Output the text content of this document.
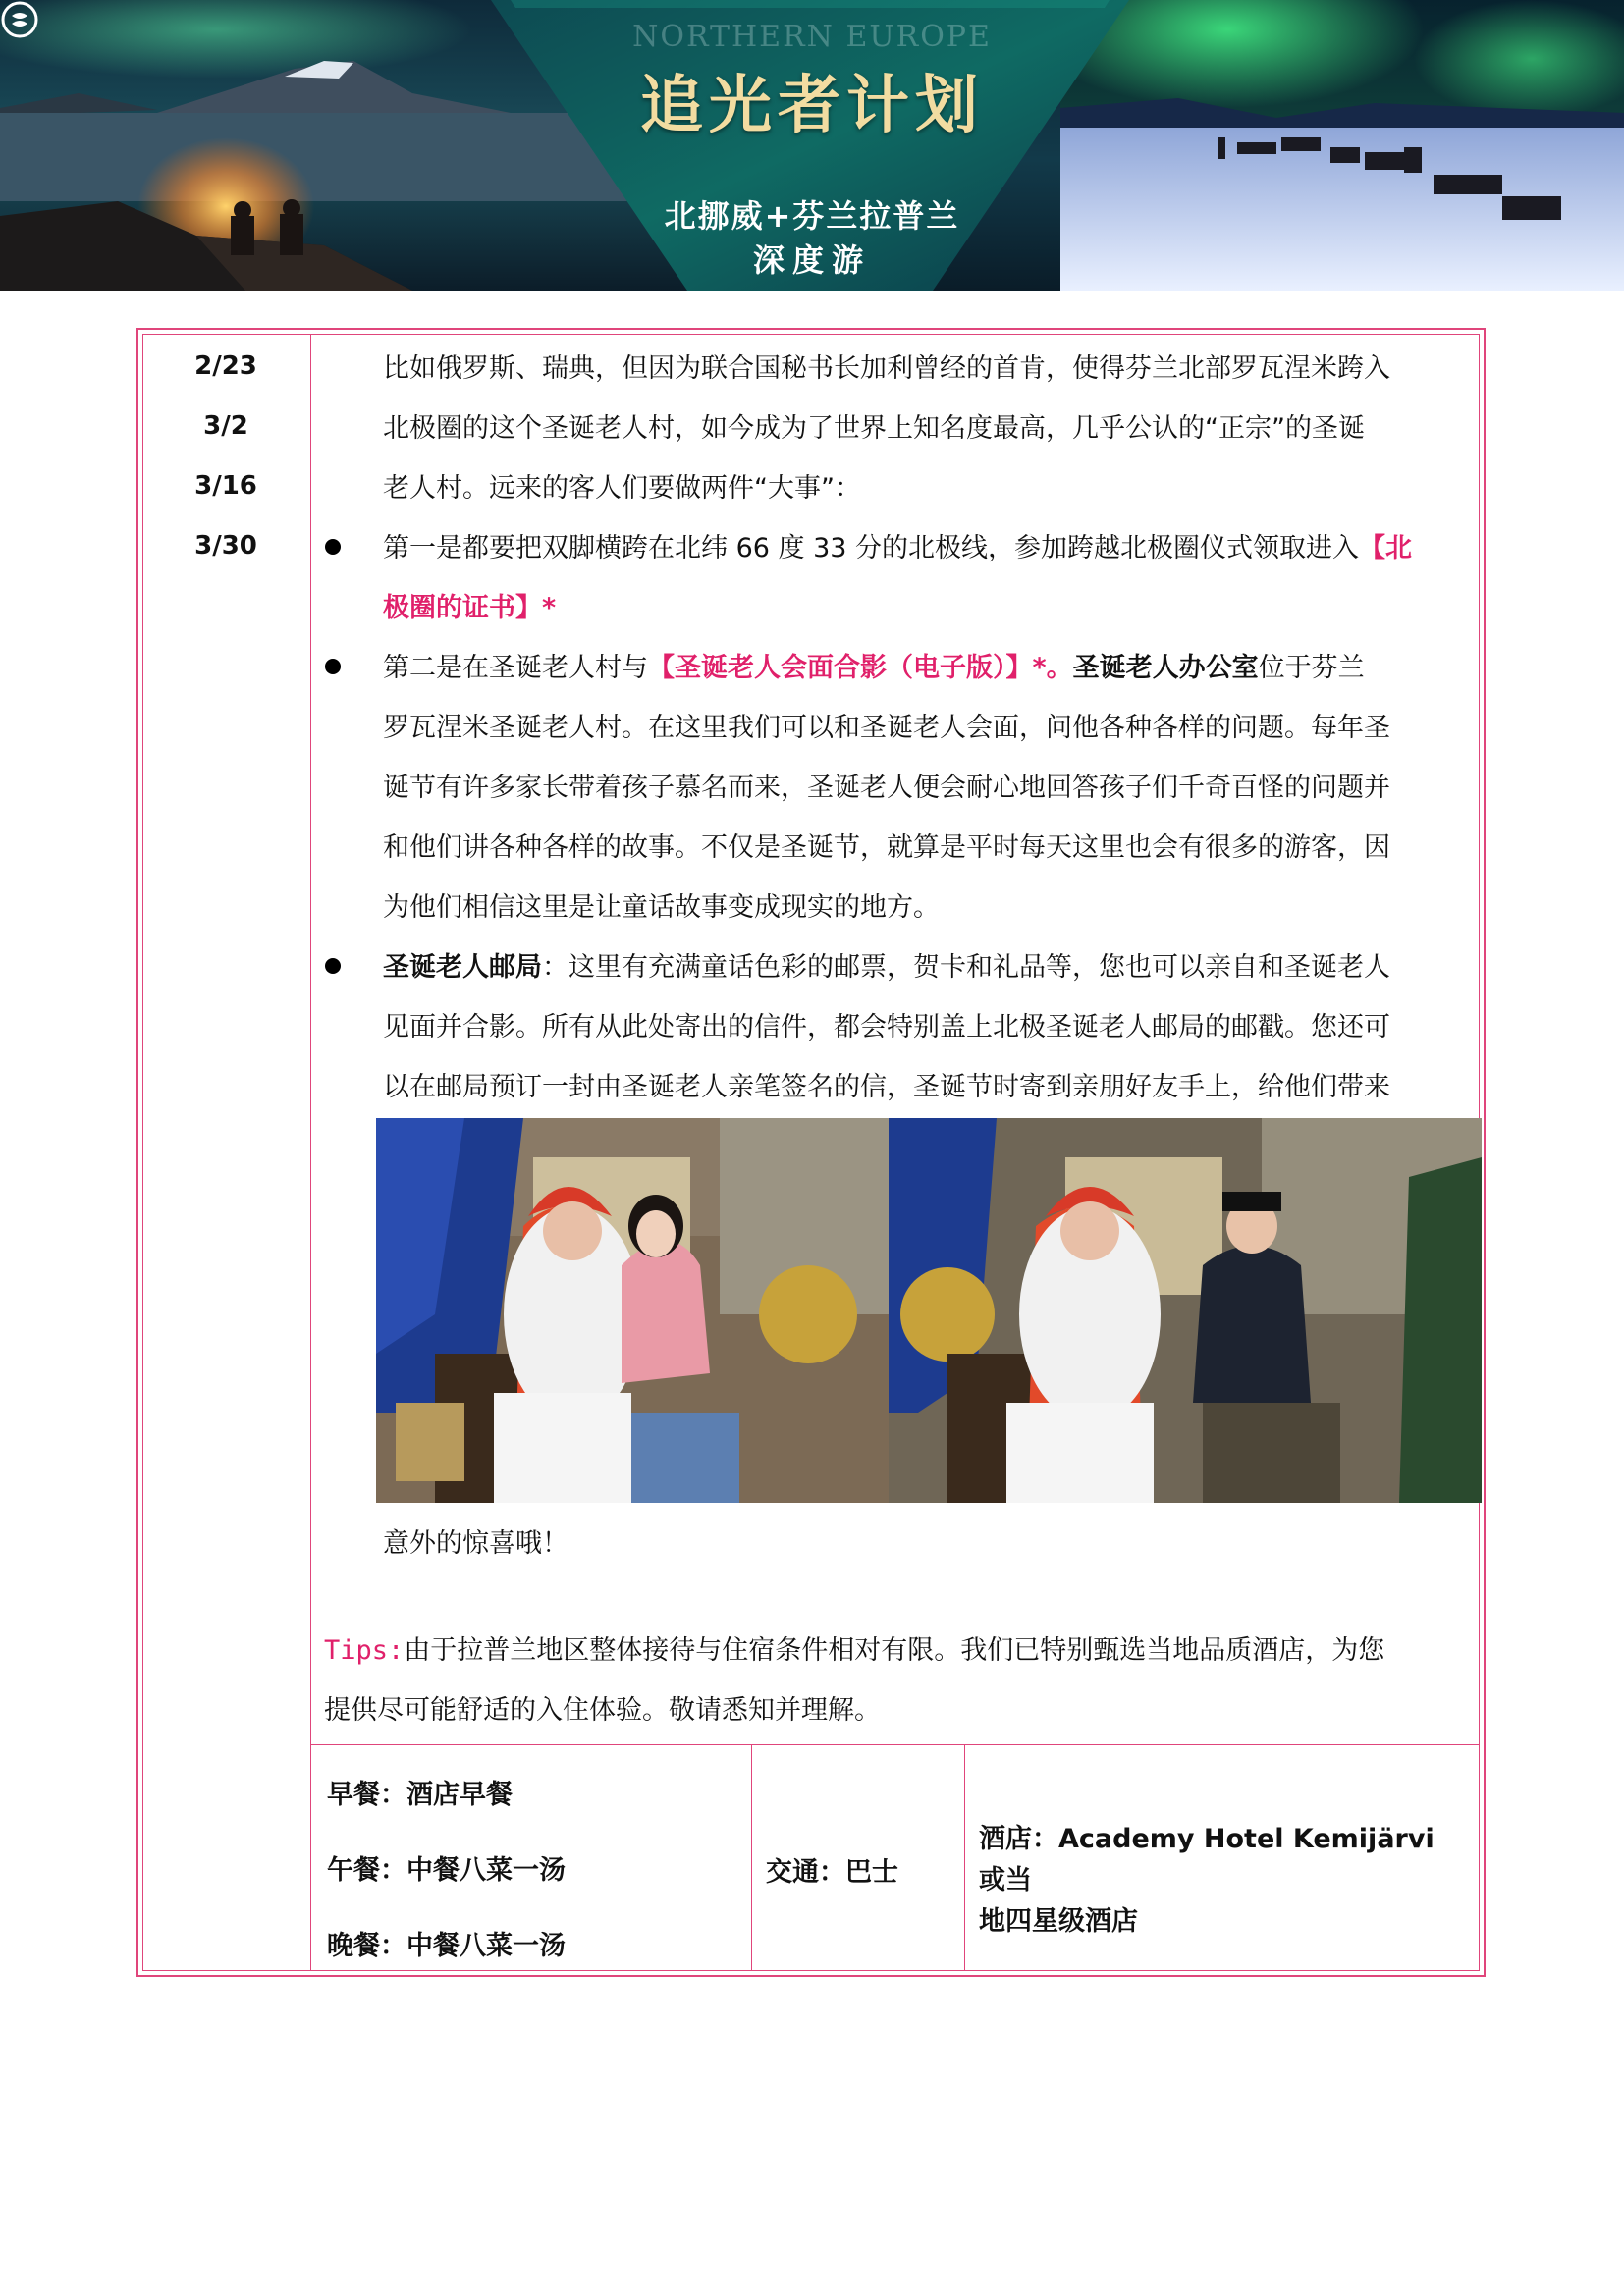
NORTHERN EUROPE
追光者计划
北挪威+芬兰拉普兰
深度游
2/23
3/2
3/16
3/30
比如俄罗斯、瑞典，但因为联合国秘书长加利曾经的首肯，使得芬兰北部罗瓦涅米跨入
北极圈的这个圣诞老人村，如今成为了世界上知名度最高，几乎公认的“正宗”的圣诞
老人村。远来的客人们要做两件“大事”：
第一是都要把双脚横跨在北纬 66 度 33 分的北极线，参加跨越北极圈仪式领取进入【北
极圈的证书】*
第二是在圣诞老人村与【圣诞老人会面合影（电子版）】*。圣诞老人办公室位于芬兰
罗瓦涅米圣诞老人村。在这里我们可以和圣诞老人会面，问他各种各样的问题。每年圣
诞节有许多家长带着孩子慕名而来，圣诞老人便会耐心地回答孩子们千奇百怪的问题并
和他们讲各种各样的故事。不仅是圣诞节，就算是平时每天这里也会有很多的游客，因
为他们相信这里是让童话故事变成现实的地方。
圣诞老人邮局：这里有充满童话色彩的邮票，贺卡和礼品等，您也可以亲自和圣诞老人
见面并合影。所有从此处寄出的信件，都会特别盖上北极圣诞老人邮局的邮戳。您还可
以在邮局预订一封由圣诞老人亲笔签名的信，圣诞节时寄到亲朋好友手上，给他们带来
意外的惊喜哦！
Tips:由于拉普兰地区整体接待与住宿条件相对有限。我们已特别甄选当地品质酒店，为您
提供尽可能舒适的入住体验。敬请悉知并理解。
早餐：酒店早餐
午餐：中餐八菜一汤
晚餐：中餐八菜一汤
交通：巴士
酒店：Academy Hotel Kemijärvi 或当
地四星级酒店
